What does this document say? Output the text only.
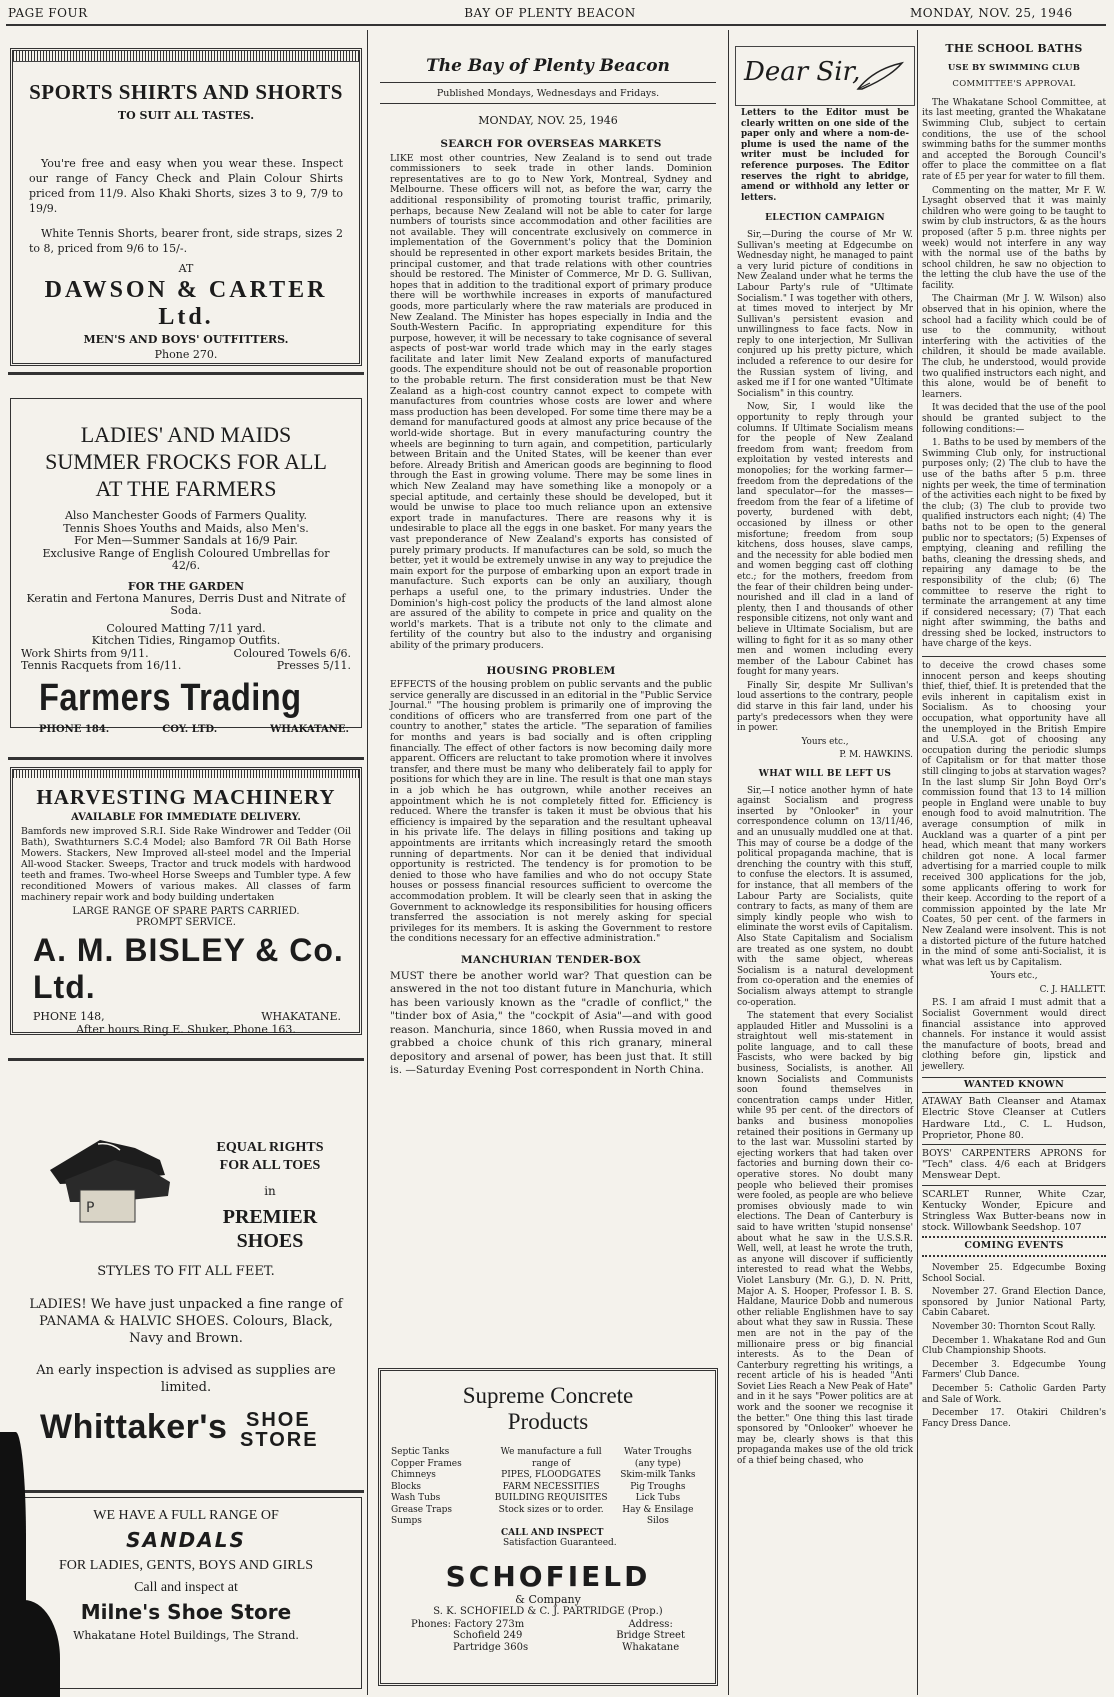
PAGE FOUR	BAY OF PLENTY BEACON	MONDAY, NOV. 25, 1946
SPORTS SHIRTS AND SHORTS
TO SUIT ALL TASTES.
You're free and easy when you wear these. Inspect our range of Fancy Check and Plain Colour Shirts priced from 11/9. Also Khaki Shorts, sizes 3 to 9, 7/9 to 19/9.
White Tennis Shorts, bearer front, side straps, sizes 2 to 8, priced from 9/6 to 15/-.
AT
DAWSON & CARTER Ltd.
MEN'S AND BOYS' OUTFITTERS.
Phone 270.
LADIES' AND MAIDS
SUMMER FROCKS FOR ALL
AT THE FARMERS
Also Manchester Goods of Farmers Quality.
Tennis Shoes Youths and Maids, also Men's.
For Men—Summer Sandals at 16/9 Pair.
Exclusive Range of English Coloured Umbrellas for 42/6.
FOR THE GARDEN
Keratin and Fertona Manures, Derris Dust and Nitrate of Soda.
Coloured Matting 7/11 yard.
Kitchen Tidies, Ringamop Outfits.
Work Shirts from 9/11.	Coloured Towels 6/6.
Tennis Racquets from 16/11.	Presses 5/11.
Farmers Trading
PHONE 184.	COY. LTD.	WHAKATANE.
HARVESTING MACHINERY
AVAILABLE FOR IMMEDIATE DELIVERY.
Bamfords new improved S.R.I. Side Rake Windrower and Tedder (Oil Bath), Swathturners S.C.4 Model; also Bamford 7R Oil Bath Horse Mowers. Stackers, New Improved all-steel model and the Imperial All-wood Stacker. Sweeps, Tractor and truck models with hardwood teeth and frames. Two-wheel Horse Sweeps and Tumbler type. A few reconditioned Mowers of various makes. All classes of farm machinery repair work and body building undertaken
LARGE RANGE OF SPARE PARTS CARRIED.
PROMPT SERVICE.
A. M. BISLEY & Co. Ltd.
PHONE 148,	WHAKATANE.
After hours Ring E. Shuker, Phone 163.
P
EQUAL RIGHTS
FOR ALL TOES
in
PREMIER
SHOES
STYLES TO FIT ALL FEET.
LADIES! We have just unpacked a fine range of PANAMA & HALVIC SHOES. Colours, Black, Navy and Brown.
An early inspection is advised as supplies are limited.
Whittaker's SHOE
STORE
WE HAVE A FULL RANGE OF
SANDALS
FOR LADIES, GENTS, BOYS AND GIRLS
Call and inspect at
Milne's Shoe Store
Whakatane Hotel Buildings, The Strand.
The Bay of Plenty Beacon
Published Mondays, Wednesdays and Fridays.
MONDAY, NOV. 25, 1946
SEARCH FOR OVERSEAS MARKETS

LIKE most other countries, New Zealand is to send out trade commissioners to seek trade in other lands. Dominion representatives are to go to New York, Montreal, Sydney and Melbourne. These officers will not, as before the war, carry the additional responsibility of promoting tourist traffic, primarily, perhaps, because New Zealand will not be able to cater for large numbers of tourists since accommodation and other facilities are not available. They will concentrate exclusively on commerce in implementation of the Government's policy that the Dominion should be represented in other export markets besides Britain, the principal customer, and that trade relations with other countries should be restored. The Minister of Commerce, Mr D. G. Sullivan, hopes that in addition to the traditional export of primary produce there will be worthwhile increases in exports of manufactured goods, more particularly where the raw materials are produced in New Zealand. The Minister has hopes especially in India and the South-Western Pacific. In appropriating expenditure for this purpose, however, it will be necessary to take cognisance of several aspects of post-war world trade which may in the early stages facilitate and later limit New Zealand exports of manufactured goods. The expenditure should not be out of reasonable proportion to the probable return. The first consideration must be that New Zealand as a high-cost country cannot expect to compete with manufactures from countries whose costs are lower and where mass production has been developed. For some time there may be a demand for manufactured goods at almost any price because of the world-wide shortage. But in every manufacturing country the wheels are beginning to turn again, and competition, particularly between Britain and the United States, will be keener than ever before. Already British and American goods are beginning to flood through the East in growing volume. There may be some lines in which New Zealand may have something like a monopoly or a special aptitude, and certainly these should be developed, but it would be unwise to place too much reliance upon an extensive export trade in manufactures. There are reasons why it is undesirable to place all the eggs in one basket. For many years the vast preponderance of New Zealand's exports has consisted of purely primary products. If manufactures can be sold, so much the better, yet it would be extremely unwise in any way to prejudice the main export for the purpose of embarking upon an export trade in manufacture. Such exports can be only an auxiliary, though perhaps a useful one, to the primary industries. Under the Dominion's high-cost policy the products of the land almost alone are assured of the ability to compete in price and quality on the world's markets. That is a tribute not only to the climate and fertility of the country but also to the industry and organising ability of the primary producers.

HOUSING PROBLEM

EFFECTS of the housing problem on public servants and the public service generally are discussed in an editorial in the "Public Service Journal." "The housing problem is primarily one of improving the conditions of officers who are transferred from one part of the country to another," states the article. "The separation of families for months and years is bad socially and is often crippling financially. The effect of other factors is now becoming daily more apparent. Officers are reluctant to take promotion where it involves transfer, and there must be many who deliberately fail to apply for positions for which they are in line. The result is that one man stays in a job which he has outgrown, while another receives an appointment which he is not completely fitted for. Efficiency is reduced. Where the transfer is taken it must be obvious that his efficiency is impaired by the separation and the resultant upheaval in his private life. The delays in filling positions and taking up appointments are irritants which increasingly retard the smooth running of departments. Nor can it be denied that individual opportunity is restricted. The tendency is for promotion to be denied to those who have families and who do not occupy State houses or possess financial resources sufficient to overcome the accommodation problem. It will be clearly seen that in asking the Government to acknowledge its responsibilities for housing officers transferred the association is not merely asking for special privileges for its members. It is asking the Government to restore the conditions necessary for an effective administration."

MANCHURIAN TENDER-BOX

MUST there be another world war? That question can be answered in the not too distant future in Manchuria, which has been variously known as the "cradle of conflict," the "tinder box of Asia," the "cockpit of Asia"—and with good reason. Manchuria, since 1860, when Russia moved in and grabbed a choice chunk of this rich granary, mineral depository and arsenal of power, has been just that. It still is. —Saturday Evening Post correspondent in North China.

Supreme Concrete
Products
Septic Tanks
Copper Frames
Chimneys
Blocks
Wash Tubs
Grease Traps
Sumps
We manufacture a full
range of
PIPES, FLOODGATES
FARM NECESSITIES
BUILDING REQUISITES
Stock sizes or to order.
Water Troughs
(any type)
Skim-milk Tanks
Pig Troughs
Lick Tubs
Hay & Ensilage
Silos
CALL AND INSPECT
Satisfaction Guaranteed.
SCHOFIELD
& Company
S. K. SCHOFIELD & C. J. PARTRIDGE (Prop.)
Phones: Factory 273m
Schofield 249
Partridge 360s
Address:
Bridge Street
Whakatane
Dear Sir,

Letters to the Editor must be clearly written on one side of the paper only and where a nom-de-plume is used the name of the writer must be included for reference purposes. The Editor reserves the right to abridge, amend or withhold any letter or letters.

ELECTION CAMPAIGN

Sir,—During the course of Mr W. Sullivan's meeting at Edgecumbe on Wednesday night, he managed to paint a very lurid picture of conditions in New Zealand under what he terms the Labour Party's rule of "Ultimate Socialism." I was together with others, at times moved to interject by Mr Sullivan's persistent evasion and unwillingness to face facts. Now in reply to one interjection, Mr Sullivan conjured up his pretty picture, which included a reference to our desire for the Russian system of living, and asked me if I for one wanted "Ultimate Socialism" in this country.

Now, Sir, I would like the opportunity to reply through your columns. If Ultimate Socialism means for the people of New Zealand freedom from want; freedom from exploitation by vested interests and monopolies; for the working farmer—freedom from the depredations of the land speculator—for the masses—freedom from the fear of a lifetime of poverty, burdened with debt, occasioned by illness or other misfortune; freedom from soup kitchens, doss houses, slave camps, and the necessity for able bodied men and women begging cast off clothing etc.; for the mothers, freedom from the fear of their children being under-nourished and ill clad in a land of plenty, then I and thousands of other responsible citizens, not only want and believe in Ultimate Socialism, but are willing to fight for it as so many other men and women including every member of the Labour Cabinet has fought for many years.

Finally Sir, despite Mr Sullivan's loud assertions to the contrary, people did starve in this fair land, under his party's predecessors when they were in power.

Yours etc.,
P. M. HAWKINS.
WHAT WILL BE LEFT US

Sir,—I notice another hymn of hate against Socialism and progress inserted by "Onlooker" in your correspondence column on 13/11/46, and an unusually muddled one at that. This may of course be a dodge of the political propaganda machine, that is drenching the country with this stuff, to confuse the electors. It is assumed, for instance, that all members of the Labour Party are Socialists, quite contrary to facts, as many of them are simply kindly people who wish to eliminate the worst evils of Capitalism. Also State Capitalism and Socialism are treated as one system, no doubt with the same object, whereas Socialism is a natural development from co-operation and the enemies of Socialism always attempt to strangle co-operation.

The statement that every Socialist applauded Hitler and Mussolini is a straightout well mis-statement in polite language, and to call these Fascists, who were backed by big business, Socialists, is another. All known Socialists and Communists soon found themselves in concentration camps under Hitler, while 95 per cent. of the directors of banks and business monopolies retained their positions in Germany up to the last war. Mussolini started by ejecting workers that had taken over factories and burning down their co-operative stores. No doubt many people who believed their promises were fooled, as people are who believe promises obviously made to win elections. The Dean of Canterbury is said to have written 'stupid nonsense' about what he saw in the U.S.S.R. Well, well, at least he wrote the truth, as anyone will discover if sufficiently interested to read what the Webbs, Violet Lansbury (Mr. G.), D. N. Pritt, Major A. S. Hooper, Professor I. B. S. Haldane, Maurice Dobb and numerous other reliable Englishmen have to say about what they saw in Russia. These men are not in the pay of the millionaire press or big financial interests. As to the Dean of Canterbury regretting his writings, a recent article of his is headed "Anti Soviet Lies Reach a New Peak of Hate" and in it he says "Power politics are at work and the sooner we recognise it the better." One thing this last tirade sponsored by "Onlooker" whoever he may be, clearly shows is that this propaganda makes use of the old trick of a thief being chased, who

THE SCHOOL BATHS
USE BY SWIMMING CLUB
COMMITTEE'S APPROVAL

The Whakatane School Committee, at its last meeting, granted the Whakatane Swimming Club, subject to certain conditions, the use of the school swimming baths for the summer months and accepted the Borough Council's offer to place the committee on a flat rate of £5 per year for water to fill them.

Commenting on the matter, Mr F. W. Lysaght observed that it was mainly children who were going to be taught to swim by club instructors, & as the hours proposed (after 5 p.m. three nights per week) would not interfere in any way with the normal use of the baths by school children, he saw no objection to the letting the club have the use of the facility.

The Chairman (Mr J. W. Wilson) also observed that in his opinion, where the school had a facility which could be of use to the community, without interfering with the activities of the children, it should be made available. The club, he understood, would provide two qualified instructors each night, and this alone, would be of benefit to learners.

It was decided that the use of the pool should be granted subject to the following conditions:—

1. Baths to be used by members of the Swimming Club only, for instructional purposes only; (2) The club to have the use of the baths after 5 p.m. three nights per week, the time of termination of the activities each night to be fixed by the club; (3) The club to provide two qualified instructors each night; (4) The baths not to be open to the general public nor to spectators; (5) Expenses of emptying, cleaning and refilling the baths, cleaning the dressing sheds, and repairing any damage to be the responsibility of the club; (6) The committee to reserve the right to terminate the arrangement at any time if considered necessary; (7) That each night after swimming, the baths and dressing shed be locked, instructors to have charge of the keys.

to deceive the crowd chases some innocent person and keeps shouting thief, thief, thief. It is pretended that the evils inherent in capitalism exist in Socialism. As to choosing your occupation, what opportunity have all the unemployed in the British Empire and U.S.A. got of choosing any occupation during the periodic slumps of Capitalism or for that matter those still clinging to jobs at starvation wages? In the last slump Sir John Boyd Orr's commission found that 13 to 14 million people in England were unable to buy enough food to avoid malnutrition. The average consumption of milk in Auckland was a quarter of a pint per head, which meant that many workers children got none. A local farmer advertising for a married couple to milk received 300 applications for the job, some applicants offering to work for their keep. According to the report of a commission appointed by the late Mr Coates, 50 per cent. of the farmers in New Zealand were insolvent. This is not a distorted picture of the future hatched in the mind of some anti-Socialist, it is what was left us by Capitalism.

Yours etc.,
C. J. HALLETT.

P.S. I am afraid I must admit that a Socialist Government would direct financial assistance into approved channels. For instance it would assist the manufacture of boots, bread and clothing before gin, lipstick and jewellery.

WANTED KNOWN

ATAWAY Bath Cleanser and Atamax Electric Stove Cleanser at Cutlers Hardware Ltd., C. L. Hudson, Proprietor, Phone 80.

BOYS' CARPENTERS APRONS for "Tech" class. 4/6 each at Bridgers Menswear Dept.

SCARLET Runner, White Czar, Kentucky Wonder, Epicure and Stringless Wax Butter-beans now in stock. Willowbank Seedshop. 107

COMING EVENTS

November 25. Edgecumbe Boxing School Social.

November 27. Grand Election Dance, sponsored by Junior National Party, Cabin Cabaret.

November 30: Thornton Scout Rally.

December 1. Whakatane Rod and Gun Club Championship Shoots.

December 3. Edgecumbe Young Farmers' Club Dance.

December 5: Catholic Garden Party and Sale of Work.

December 17. Otakiri Children's Fancy Dress Dance.
